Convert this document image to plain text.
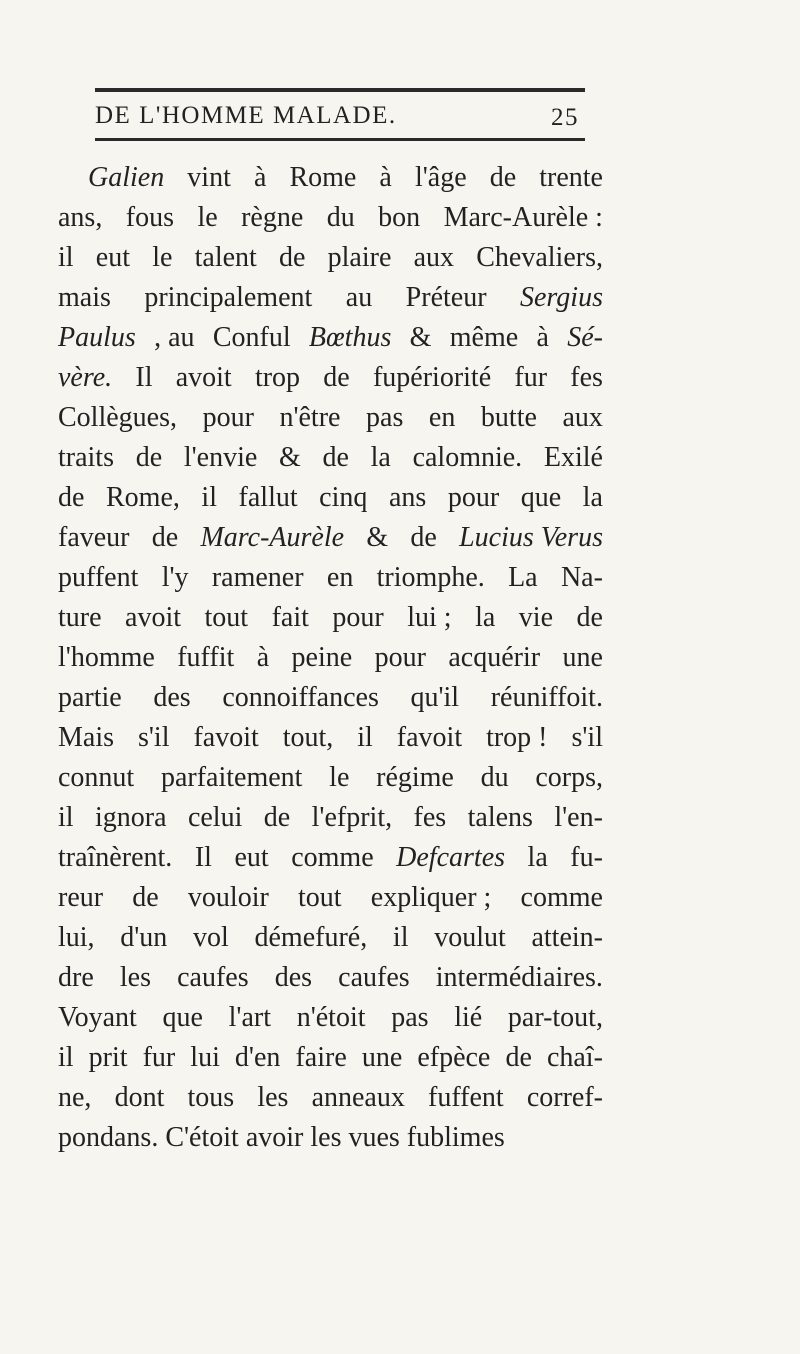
DE L'HOMME MALADE.	25
Galien vint à Rome à l'âge de trente
ans, fous le règne du bon Marc-Aurèle :
il eut le talent de plaire aux Chevaliers,
mais principalement au Préteur Sergius
Paulus , au Conful Bœthus & même à Sé-
vère. Il avoit trop de fupériorité fur fes
Collègues, pour n'être pas en butte aux
traits de l'envie & de la calomnie. Exilé
de Rome, il fallut cinq ans pour que la
faveur de Marc-Aurèle & de Lucius Verus
puffent l'y ramener en triomphe. La Na-
ture avoit tout fait pour lui ; la vie de
l'homme fuffit à peine pour acquérir une
partie des connoiffances qu'il réuniffoit.
Mais s'il favoit tout, il favoit trop ! s'il
connut parfaitement le régime du corps,
il ignora celui de l'efprit, fes talens l'en-
traînèrent. Il eut comme Defcartes la fu-
reur de vouloir tout expliquer ; comme
lui, d'un vol démefuré, il voulut attein-
dre les caufes des caufes intermédiaires.
Voyant que l'art n'étoit pas lié par-tout,
il prit fur lui d'en faire une efpèce de chaî-
ne, dont tous les anneaux fuffent corref-
pondans. C'étoit avoir les vues fublimes
